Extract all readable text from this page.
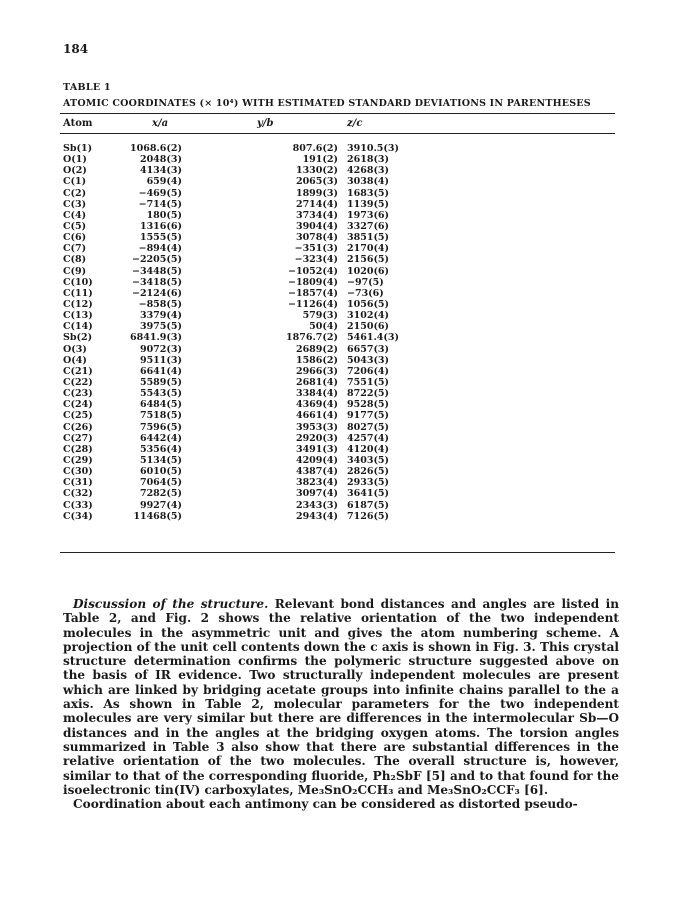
184
TABLE 1
ATOMIC COORDINATES (× 10⁴) WITH ESTIMATED STANDARD DEVIATIONS IN PARENTHESES
Atom	x/a	y/b	z/c
Sb(1)	1068.6(2)	807.6(2) 3910.5(3)
O(1)	2048(3)	191(2) 2618(3)
O(2)	4134(3)	1330(2) 4268(3)
C(1)	659(4)	2065(3) 3038(4)
C(2)	−469(5)	1899(3) 1683(5)
C(3)	−714(5)	2714(4) 1139(5)
C(4)	180(5)	3734(4) 1973(6)
C(5)	1316(6)	3904(4) 3327(6)
C(6)	1555(5)	3078(4) 3851(5)
C(7)	−894(4)	−351(3) 2170(4)
C(8)	−2205(5)	−323(4) 2156(5)
C(9)	−3448(5)	−1052(4) 1020(6)
C(10)	−3418(5)	−1809(4) −97(5)
C(11)	−2124(6)	−1857(4) −73(6)
C(12)	−858(5)	−1126(4) 1056(5)
C(13)	3379(4)	579(3) 3102(4)
C(14)	3975(5)	50(4) 2150(6)
Sb(2)	6841.9(3)	1876.7(2) 5461.4(3)
O(3)	9072(3)	2689(2) 6657(3)
O(4)	9511(3)	1586(2) 5043(3)
C(21)	6641(4)	2966(3) 7206(4)
C(22)	5589(5)	2681(4) 7551(5)
C(23)	5543(5)	3384(4) 8722(5)
C(24)	6484(5)	4369(4) 9528(5)
C(25)	7518(5)	4661(4) 9177(5)
C(26)	7596(5)	3953(3) 8027(5)
C(27)	6442(4)	2920(3) 4257(4)
C(28)	5356(4)	3491(3) 4120(4)
C(29)	5134(5)	4209(4) 3403(5)
C(30)	6010(5)	4387(4) 2826(5)
C(31)	7064(5)	3823(4) 2933(5)
C(32)	7282(5)	3097(4) 3641(5)
C(33)	9927(4)	2343(3) 6187(5)
C(34)	11468(5)	2943(4) 7126(5)

Discussion of the structure. Relevant bond distances and angles are listed in Table 2, and Fig. 2 shows the relative orientation of the two independent molecules in the asymmetric unit and gives the atom numbering scheme. A projection of the unit cell contents down the c axis is shown in Fig. 3. This crystal structure determination confirms the polymeric structure suggested above on the basis of IR evidence. Two structurally independent molecules are present which are linked by bridging acetate groups into infinite chains parallel to the a axis. As shown in Table 2, molecular parameters for the two independent molecules are very similar but there are differences in the intermolecular Sb—O distances and in the angles at the bridging oxygen atoms. The torsion angles summarized in Table 3 also show that there are substantial differences in the relative orientation of the two molecules. The overall structure is, however, similar to that of the corresponding fluoride, Ph₂SbF [5] and to that found for the isoelectronic tin(IV) carboxylates, Me₃SnO₂CCH₃ and Me₃SnO₂CCF₃ [6].

Coordination about each antimony can be considered as distorted pseudo-
